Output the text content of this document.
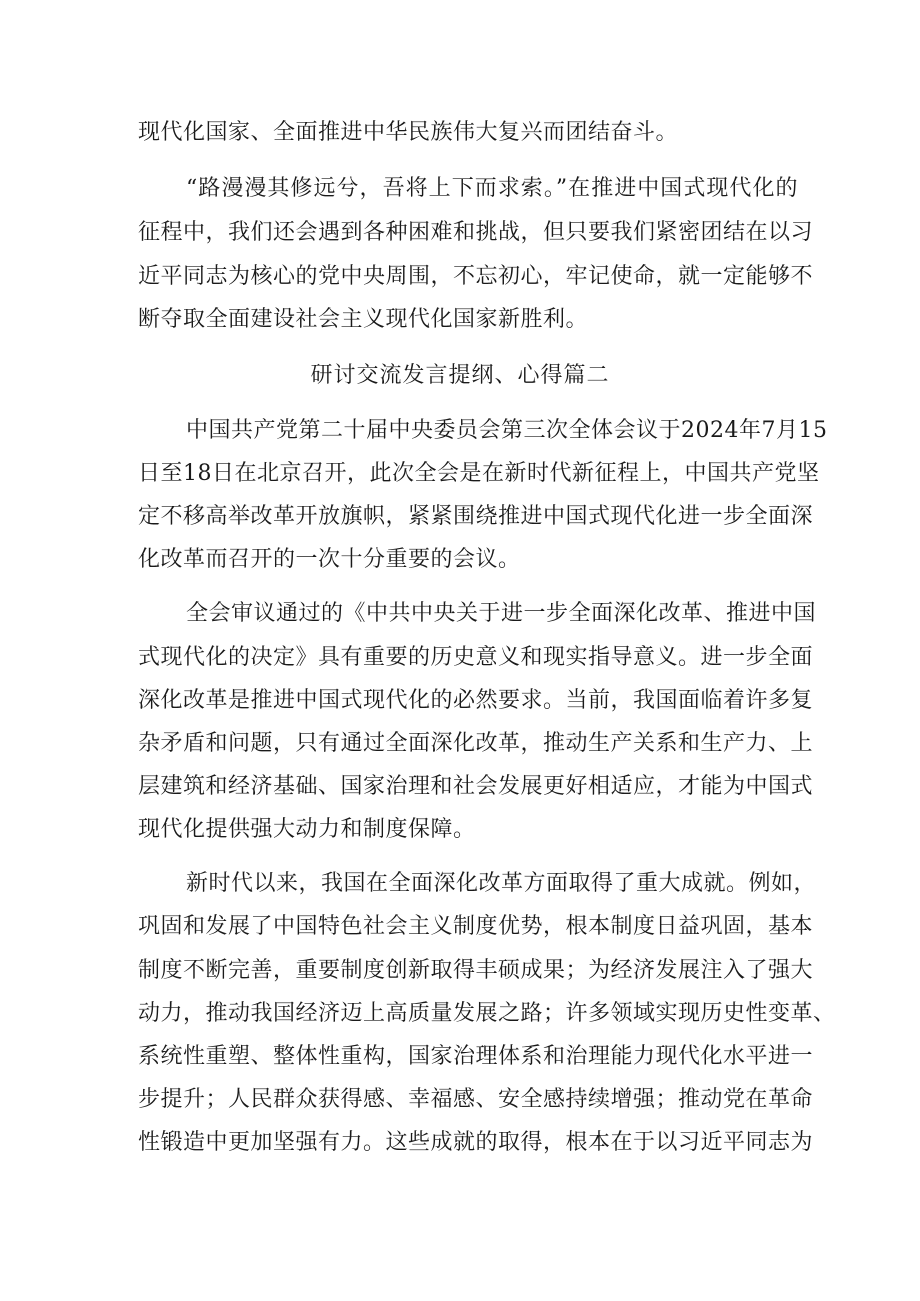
现代化国家、全面推进中华民族伟大复兴而团结奋斗。
“路漫漫其修远兮，吾将上下而求索。”在推进中国式现代化的
征程中，我们还会遇到各种困难和挑战，但只要我们紧密团结在以习
近平同志为核心的党中央周围，不忘初心，牢记使命，就一定能够不
断夺取全面建设社会主义现代化国家新胜利。
研讨交流发言提纲、心得篇二
中国共产党第二十届中央委员会第三次全体会议于2024年7月15
日至18日在北京召开，此次全会是在新时代新征程上，中国共产党坚
定不移高举改革开放旗帜，紧紧围绕推进中国式现代化进一步全面深
化改革而召开的一次十分重要的会议。
全会审议通过的《中共中央关于进一步全面深化改革、推进中国
式现代化的决定》具有重要的历史意义和现实指导意义。进一步全面
深化改革是推进中国式现代化的必然要求。当前，我国面临着许多复
杂矛盾和问题，只有通过全面深化改革，推动生产关系和生产力、上
层建筑和经济基础、国家治理和社会发展更好相适应，才能为中国式
现代化提供强大动力和制度保障。
新时代以来，我国在全面深化改革方面取得了重大成就。例如，
巩固和发展了中国特色社会主义制度优势，根本制度日益巩固，基本
制度不断完善，重要制度创新取得丰硕成果；为经济发展注入了强大
动力，推动我国经济迈上高质量发展之路；许多领域实现历史性变革、
系统性重塑、整体性重构，国家治理体系和治理能力现代化水平进一
步提升；人民群众获得感、幸福感、安全感持续增强；推动党在革命
性锻造中更加坚强有力。这些成就的取得，根本在于以习近平同志为
